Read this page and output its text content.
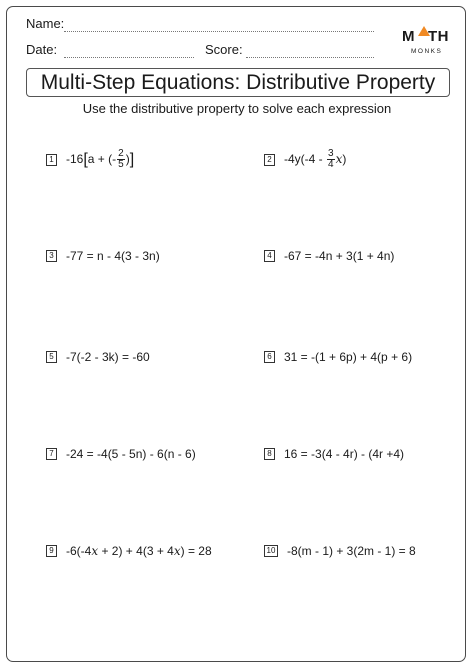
Name:
Date:	Score:
M TH
MONKS
Multi-Step Equations: Distributive Property
Use the distributive property to solve each expression
1 -16[a + (- $\frac{2}{5}$ )]	2 $-4y(-4 - \frac{3}{4} x)$
3 -77 = n - 4(3 - 3n)	4 -67 = -4n + 3(1 + 4n)
5 -7(-2 - 3k) = -60	6 31 = -(1 + 6p) + 4(p + 6)
7 -24 = -4(5 - 5n) - 6(n - 6)	8 16 = -3(4 - 4r) - (4r +4)
9 -6(-4x + 2) + 4(3 + 4x) = 28	10 -8(m - 1) + 3(2m - 1) = 8
